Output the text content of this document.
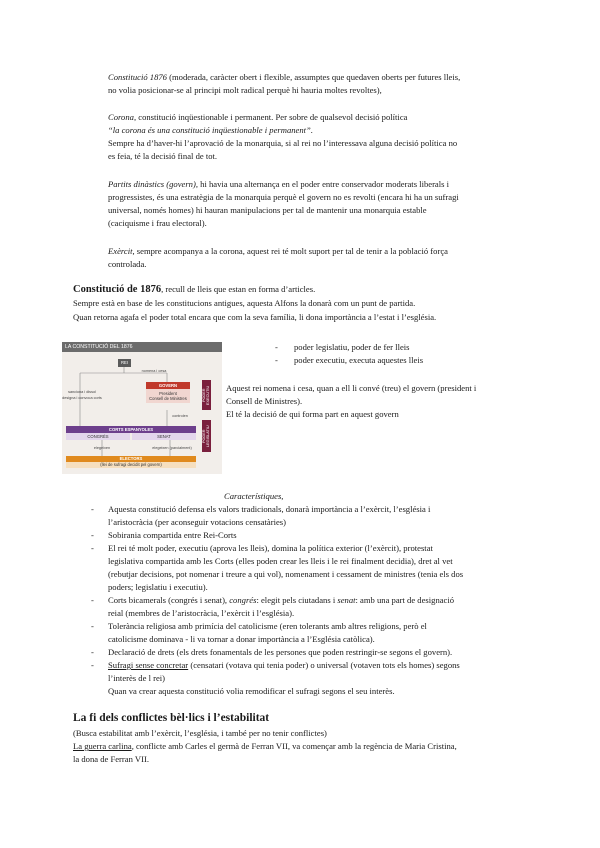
Constitució 1876 (moderada, caràcter obert i flexible, assumptes que quedaven oberts per futures lleis,
no volia posicionar-se al principi molt radical perquè hi hauria moltes revoltes),
Corona, constitució inqüestionable i permanent. Per sobre de qualsevol decisió política
“la corona és una constitució inqüestionable i permanent”.
Sempre ha d’haver-hi l’aprovació de la monarquia, si al rei no l’interessava alguna decisió política no
es feia, té la decisió final de tot.
Partits dinàstics (govern), hi havia una alternança en el poder entre conservador moderats liberals i
progressistes, és una estratègia de la monarquia perquè el govern no es revolti (encara hi ha un sufragi
universal, només homes) hi hauran manipulacions per tal de mantenir una monarquia estable
(caciquisme i frau electoral).
Exèrcit, sempre acompanya a la corona, aquest rei té molt suport per tal de tenir a la població força
controlada.
Constitució de 1876, recull de lleis que estan en forma d’articles.
Sempre està en base de les constitucions antigues, aquesta Alfons la donarà com un punt de partida.
Quan retorna agafa el poder total encara que com la seva família, li dona importància a l’estat i l’església.
LA CONSTITUCIÓ DEL 1876
REI
nomena i cesa
sanciona i dissol
designa i convoca corts
GOVERN
President
Consell de Ministres
controlen
PODER EXECUTIU
PODER LEGISLATIU
CORTS ESPANYOLES
CONGRÉS	SENAT
elegeixen	elegeixen (parcialment)
ELECTORS
(llei de sufragi decidit pel govern)
- poder legislatiu, poder de fer lleis
- poder executiu, executa aquestes lleis
Aquest rei nomena i cesa, quan a ell li convé (treu) el govern (president i
Consell de Ministres).
El té la decisió de qui forma part en aquest govern
Característiques,
- Aquesta constitució defensa els valors tradicionals, donarà importància a l’exèrcit, l’església i
l’aristocràcia (per aconseguir votacions censatàries)
- Sobirania compartida entre Rei-Corts
- El rei té molt poder, executiu (aprova les lleis), domina la política exterior (l’exèrcit), protestat
legislativa compartida amb les Corts (elles poden crear les lleis i le rei finalment decidia), dret al vet
(rebutjar decisions, pot nomenar i treure a qui vol), nomenament i cessament de ministres (tenia els dos
poders; legislatiu i executiu).
- Corts bicamerals (congrés i senat), congrés: elegit pels ciutadans i senat: amb una part de designació
reial (membres de l’aristocràcia, l’exèrcit i l’església).
- Tolerància religiosa amb primícia del catolicisme (eren tolerants amb altres religions, però el
catolicisme dominava - li va tornar a donar importància a l’Església catòlica).
- Declaració de drets (els drets fonamentals de les persones que poden restringir-se segons el govern).
- Sufragi sense concretar (censatari (votava qui tenia poder) o universal (votaven tots els homes) segons
l’interès de l rei)
Quan va crear aquesta constitució volia remodificar el sufragi segons el seu interès.
La fi dels conflictes bèl·lics i l’estabilitat
(Busca estabilitat amb l’exèrcit, l’església, i també per no tenir conflictes)
La guerra carlina, conflicte amb Carles el germà de Ferran VII, va començar amb la regència de Maria Cristina,
la dona de Ferran VII.
